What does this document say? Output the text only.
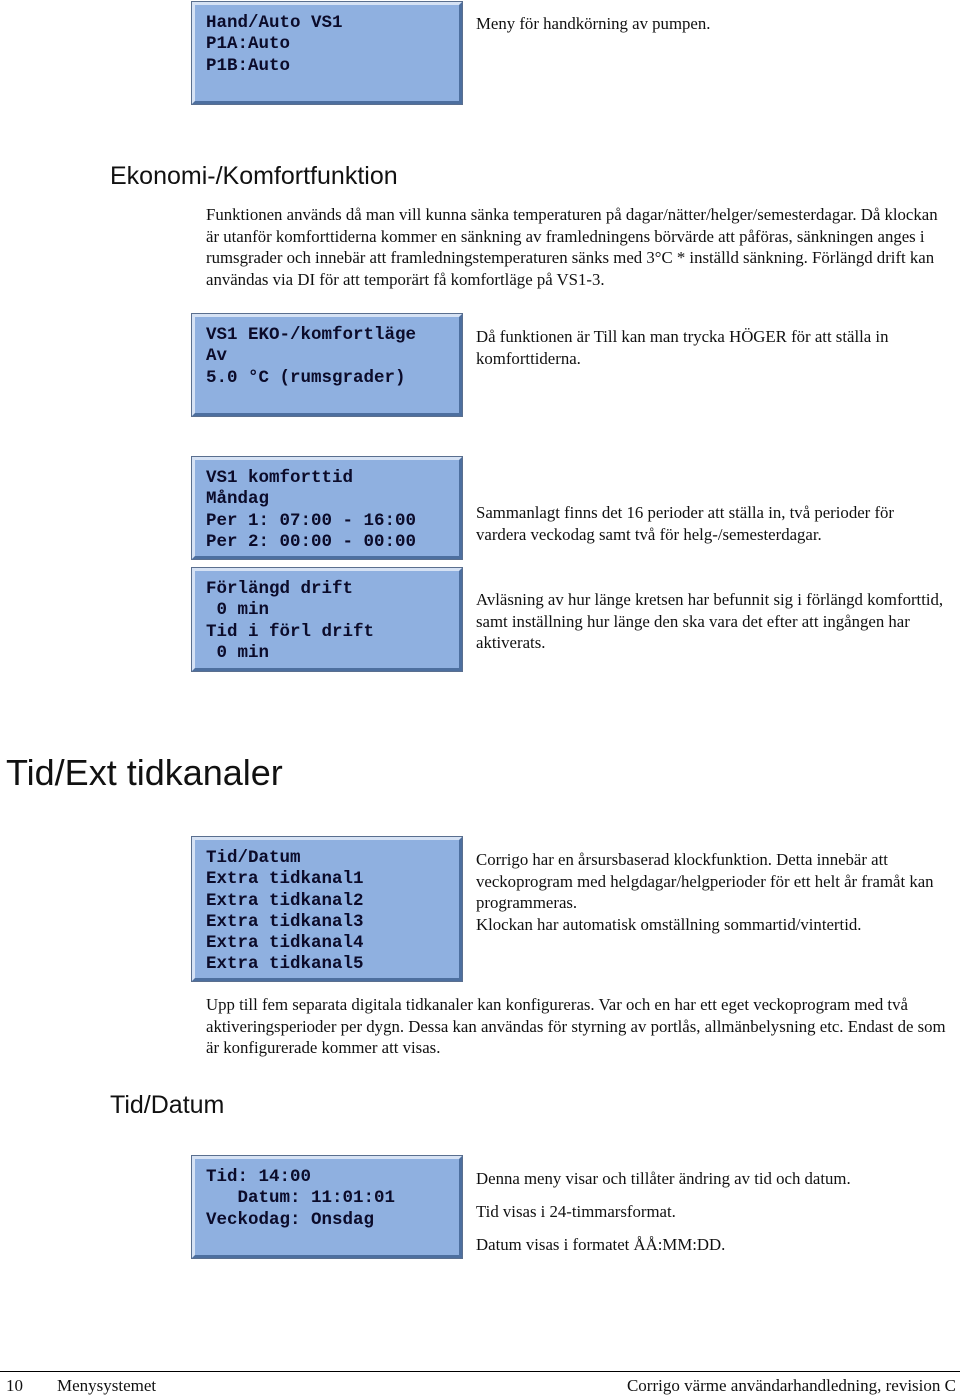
Hand/Auto VS1
P1A:Auto
P1B:Auto
Meny för handkörning av pumpen.
Ekonomi-/Komfortfunktion
Funktionen används då man vill kunna sänka temperaturen på dagar/nätter/helger/semesterdagar. Då klockan är utanför komforttiderna kommer en sänkning av framledningens börvärde att påföras, sänkningen anges i rumsgrader och innebär att framledningstemperaturen sänks med 3°C * inställd sänkning. Förlängd drift kan användas via DI för att temporärt få komfortläge på VS1-3.
VS1 EKO-/komfortläge
Av
5.0 °C (rumsgrader)
Då funktionen är Till kan man trycka HÖGER för att ställa in komforttiderna.
VS1 komforttid
Måndag
Per 1: 07:00 - 16:00
Per 2: 00:00 - 00:00
Sammanlagt finns det 16 perioder att ställa in, två perioder för vardera veckodag samt två för helg-/semesterdagar.
Förlängd drift
0 min
Tid i förl drift
0 min
Avläsning av hur länge kretsen har befunnit sig i förlängd komforttid, samt inställning hur länge den ska vara det efter att ingången har aktiverats.
Tid/Ext tidkanaler
Tid/Datum
Extra tidkanal1
Extra tidkanal2
Extra tidkanal3
Extra tidkanal4
Extra tidkanal5

Corrigo har en årsursbaserad klockfunktion. Detta innebär att veckoprogram med helgdagar/helgperioder för ett helt år framåt kan programmeras.

Klockan har automatisk omställning sommartid/vintertid.

Upp till fem separata digitala tidkanaler kan konfigureras. Var och en har ett eget veckoprogram med två aktiveringsperioder per dygn. Dessa kan användas för styrning av portlås, allmänbelysning etc. Endast de som är konfigurerade kommer att visas.
Tid/Datum
Tid: 14:00
Datum: 11:01:01
Veckodag: Onsdag
Denna meny visar och tillåter ändring av tid och datum.
Tid visas i 24-timmarsformat.
Datum visas i formatet ÅÅ:MM:DD.
10 Menysystemet	Corrigo värme användarhandledning, revision C
